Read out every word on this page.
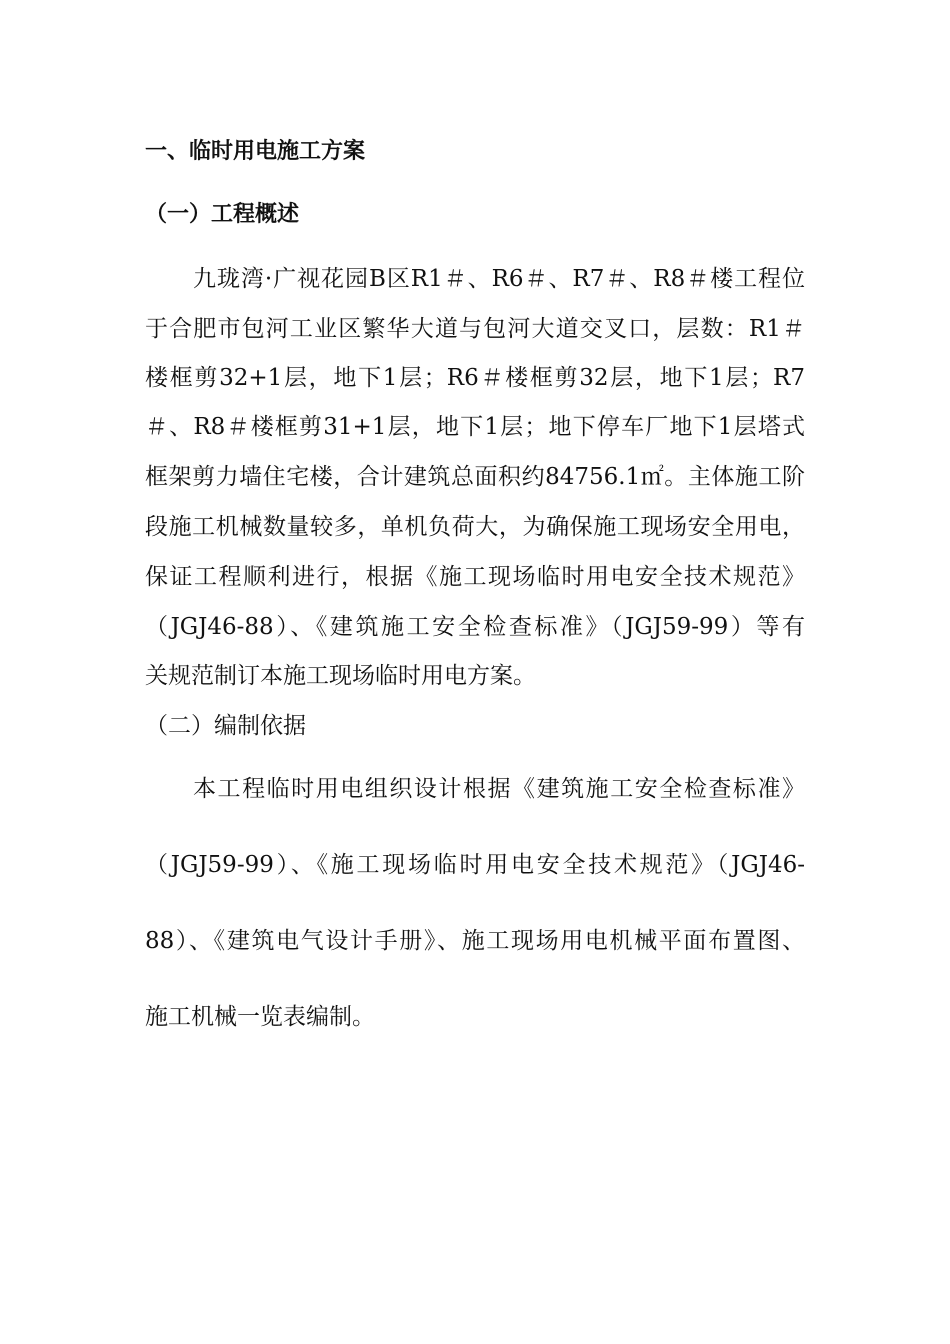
一、临时用电施工方案
（一）工程概述

九珑湾·广视花园B区R1＃、R6＃、R7＃、R8＃楼工程位

于合肥市包河工业区繁华大道与包河大道交叉口，层数：R1＃

楼框剪32+1层，地下1层；R6＃楼框剪32层，地下1层；R7

＃、R8＃楼框剪31+1层，地下1层；地下停车厂地下1层塔式

框架剪力墙住宅楼，合计建筑总面积约84756.1㎡。主体施工阶

段施工机械数量较多，单机负荷大，为确保施工现场安全用电，

保证工程顺利进行，根据《施工现场临时用电安全技术规范》

（JGJ46-88）、《建筑施工安全检查标准》（JGJ59-99）等有

关规范制订本施工现场临时用电方案。

（二）编制依据

本工程临时用电组织设计根据《建筑施工安全检查标准》

（JGJ59-99）、《施工现场临时用电安全技术规范》（JGJ46-

88）、《建筑电气设计手册》、施工现场用电机械平面布置图、

施工机械一览表编制。
